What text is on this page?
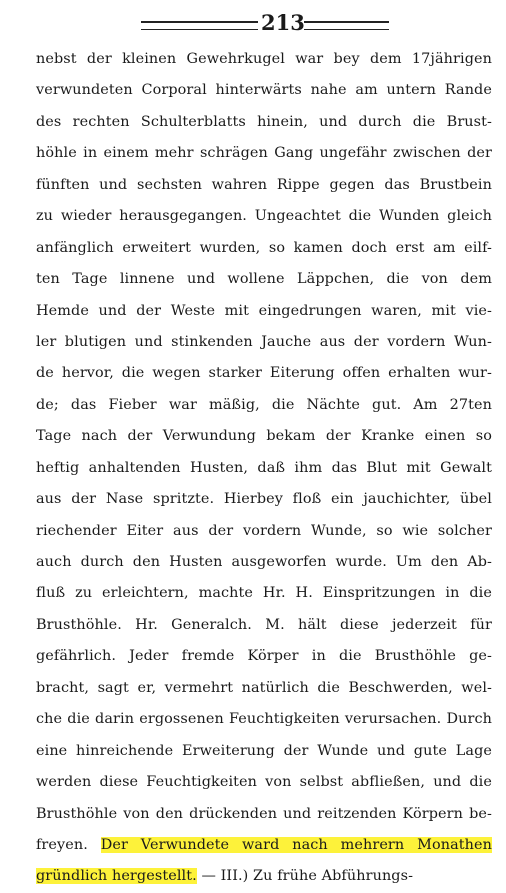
213
nebst der kleinen Gewehrkugel war bey dem 17jährigen
verwundeten Corporal hinterwärts nahe am untern Rande
des rechten Schulterblatts hinein, und durch die Brust-
höhle in einem mehr schrägen Gang ungefähr zwischen der
fünften und sechsten wahren Rippe gegen das Brustbein
zu wieder herausgegangen. Ungeachtet die Wunden gleich
anfänglich erweitert wurden, so kamen doch erst am eilf-
ten Tage linnene und wollene Läppchen, die von dem
Hemde und der Weste mit eingedrungen waren, mit vie-
ler blutigen und stinkenden Jauche aus der vordern Wun-
de hervor, die wegen starker Eiterung offen erhalten wur-
de; das Fieber war mäßig, die Nächte gut. Am 27ten
Tage nach der Verwundung bekam der Kranke einen so
heftig anhaltenden Husten, daß ihm das Blut mit Gewalt
aus der Nase spritzte. Hierbey floß ein jauchichter, übel
riechender Eiter aus der vordern Wunde, so wie solcher
auch durch den Husten ausgeworfen wurde. Um den Ab-
fluß zu erleichtern, machte Hr. H. Einspritzungen in die
Brusthöhle. Hr. Generalch. M. hält diese jederzeit für
gefährlich. Jeder fremde Körper in die Brusthöhle ge-
bracht, sagt er, vermehrt natürlich die Beschwerden, wel-
che die darin ergossenen Feuchtigkeiten verursachen. Durch
eine hinreichende Erweiterung der Wunde und gute Lage
werden diese Feuchtigkeiten von selbst abfließen, und die
Brusthöhle von den drückenden und reitzenden Körpern be-
freyen. Der Verwundete ward nach mehrern Monathen
gründlich hergestellt. — III.) Zu frühe Abführungs-
